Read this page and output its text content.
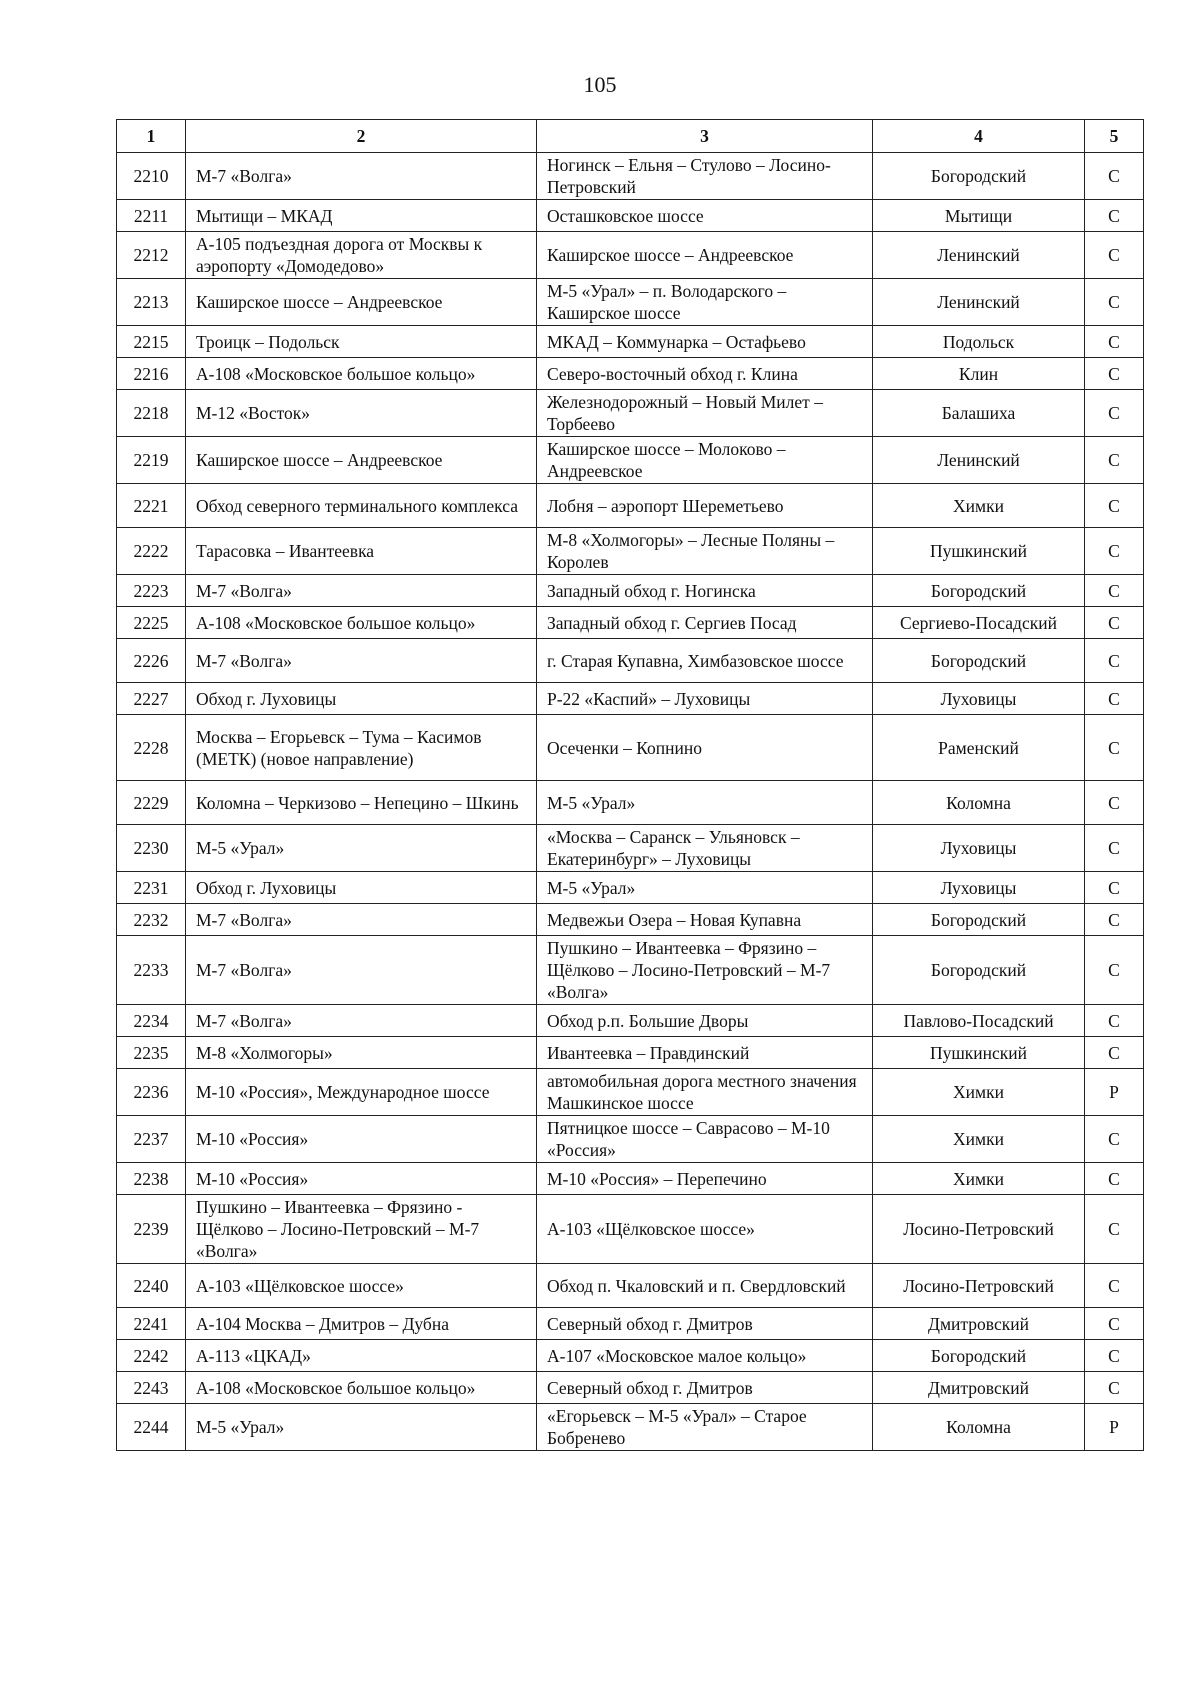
105
1	2	3	4	5
2210	М-7 «Волга»	Ногинск – Ельня – Стулово – Лосино-Петровский	Богородский	С
2211	Мытищи – МКАД	Осташковское шоссе	Мытищи	С
2212	А-105 подъездная дорога от Москвы к аэропорту «Домодедово»	Каширское шоссе – Андреевское	Ленинский	С
2213	Каширское шоссе – Андреевское	М-5 «Урал» – п. Володарского – Каширское шоссе	Ленинский	С
2215	Троицк – Подольск	МКАД – Коммунарка – Остафьево	Подольск	С
2216	А-108 «Московское большое кольцо»	Северо-восточный обход г. Клина	Клин	С
2218	М-12 «Восток»	Железнодорожный – Новый Милет – Торбеево	Балашиха	С
2219	Каширское шоссе – Андреевское	Каширское шоссе – Молоково – Андреевское	Ленинский	С
2221	Обход северного терминального комплекса	Лобня – аэропорт Шереметьево	Химки	С
2222	Тарасовка – Ивантеевка	М-8 «Холмогоры» – Лесные Поляны – Королев	Пушкинский	С
2223	М-7 «Волга»	Западный обход г. Ногинска	Богородский	С
2225	А-108 «Московское большое кольцо»	Западный обход г. Сергиев Посад	Сергиево-Посадский	С
2226	М-7 «Волга»	г. Старая Купавна, Химбазовское шоссе	Богородский	С
2227	Обход г. Луховицы	Р-22 «Каспий» – Луховицы	Луховицы	С
2228	Москва – Егорьевск – Тума – Касимов (МЕТК) (новое направление)	Осеченки – Копнино	Раменский	С
2229	Коломна – Черкизово – Непецино – Шкинь	М-5 «Урал»	Коломна	С
2230	М-5 «Урал»	«Москва – Саранск – Ульяновск – Екатеринбург» – Луховицы	Луховицы	С
2231	Обход г. Луховицы	М-5 «Урал»	Луховицы	С
2232	М-7 «Волга»	Медвежьи Озера – Новая Купавна	Богородский	С
2233	М-7 «Волга»	Пушкино – Ивантеевка – Фрязино – Щёлково – Лосино-Петровский – М-7 «Волга»	Богородский	С
2234	М-7 «Волга»	Обход р.п. Большие Дворы	Павлово-Посадский	С
2235	М-8 «Холмогоры»	Ивантеевка – Правдинский	Пушкинский	С
2236	М-10 «Россия», Международное шоссе	автомобильная дорога местного значения Машкинское шоссе	Химки	Р
2237	М-10 «Россия»	Пятницкое шоссе – Саврасово – М-10 «Россия»	Химки	С
2238	М-10 «Россия»	М-10 «Россия» – Перепечино	Химки	С
2239	Пушкино – Ивантеевка – Фрязино - Щёлково – Лосино-Петровский – М-7 «Волга»	А-103 «Щёлковское шоссе»	Лосино-Петровский	С
2240	А-103 «Щёлковское шоссе»	Обход п. Чкаловский и п. Свердловский	Лосино-Петровский	С
2241	А-104 Москва – Дмитров – Дубна	Северный обход г. Дмитров	Дмитровский	С
2242	А-113 «ЦКАД»	А-107 «Московское малое кольцо»	Богородский	С
2243	А-108 «Московское большое кольцо»	Северный обход г. Дмитров	Дмитровский	С
2244	М-5 «Урал»	«Егорьевск – М-5 «Урал» – Старое Бобренево	Коломна	Р
